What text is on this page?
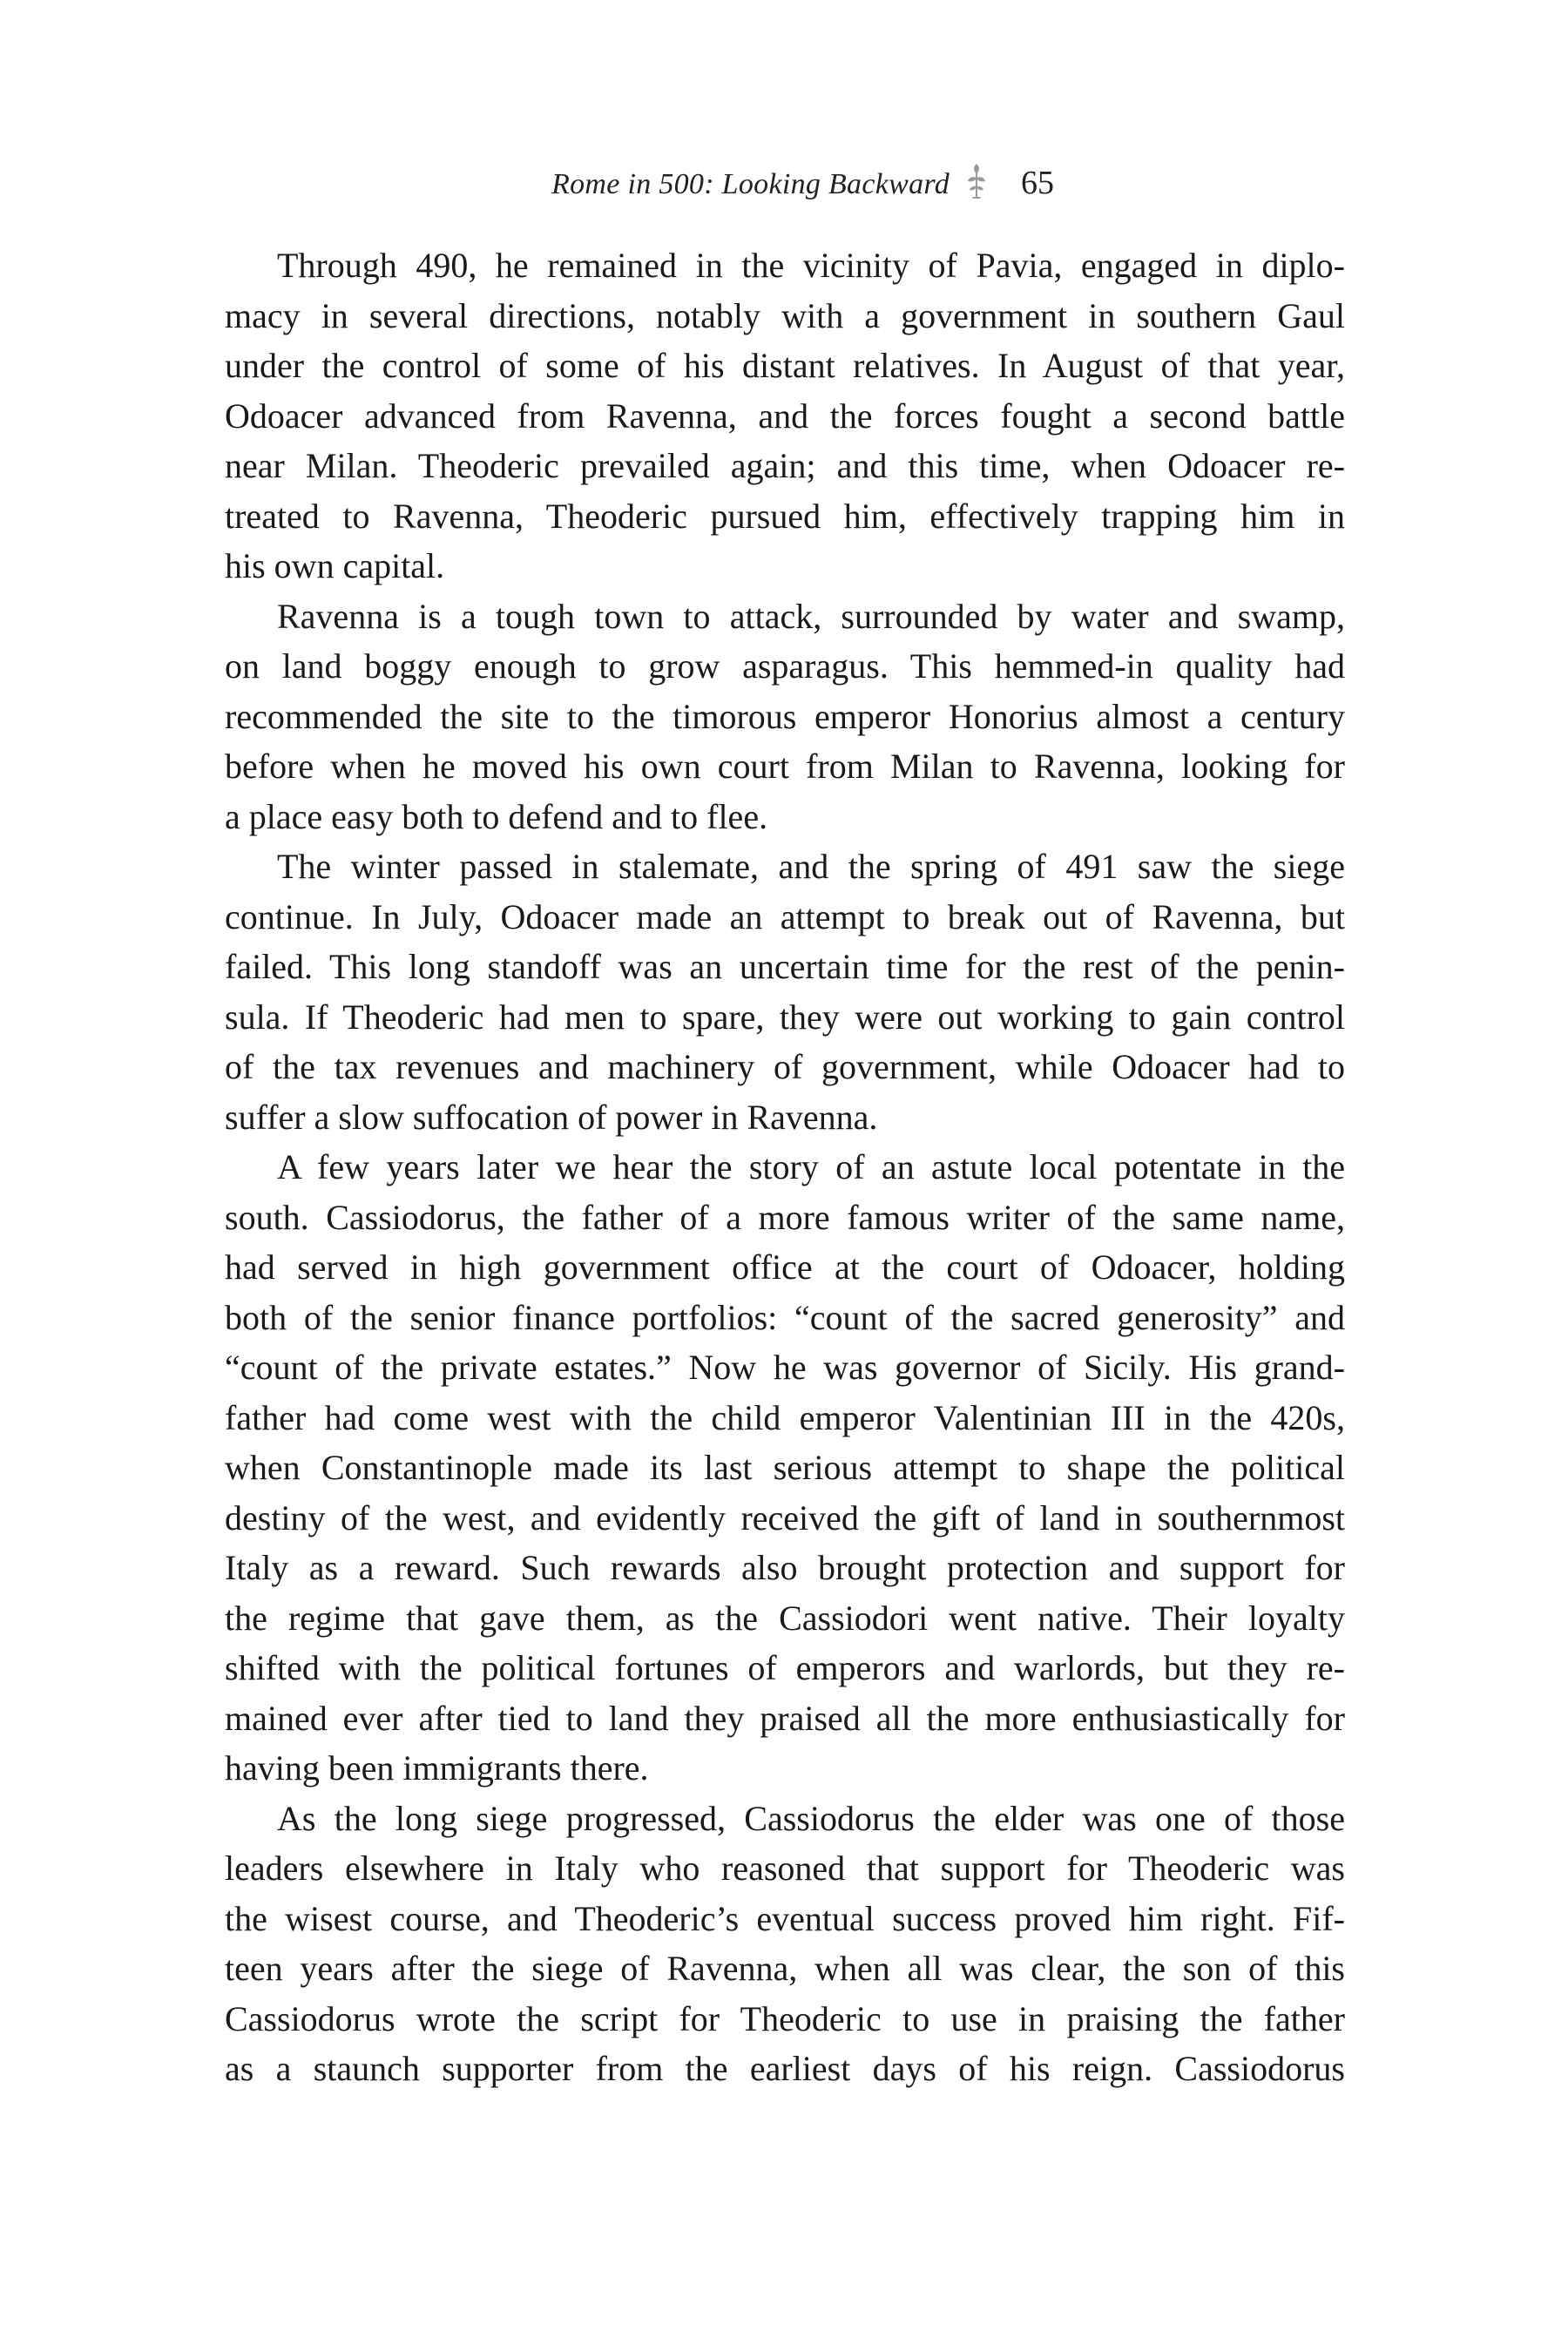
Rome in 500: Looking Backward 65
Through 490, he remained in the vicinity of Pavia, engaged in diplo-
macy in several directions, notably with a government in southern Gaul
under the control of some of his distant relatives. In August of that year,
Odoacer advanced from Ravenna, and the forces fought a second battle
near Milan. Theoderic prevailed again; and this time, when Odoacer re-
treated to Ravenna, Theoderic pursued him, effectively trapping him in
his own capital.
Ravenna is a tough town to attack, surrounded by water and swamp,
on land boggy enough to grow asparagus. This hemmed-in quality had
recommended the site to the timorous emperor Honorius almost a century
before when he moved his own court from Milan to Ravenna, looking for
a place easy both to defend and to flee.
The winter passed in stalemate, and the spring of 491 saw the siege
continue. In July, Odoacer made an attempt to break out of Ravenna, but
failed. This long standoff was an uncertain time for the rest of the penin-
sula. If Theoderic had men to spare, they were out working to gain control
of the tax revenues and machinery of government, while Odoacer had to
suffer a slow suffocation of power in Ravenna.
A few years later we hear the story of an astute local potentate in the
south. Cassiodorus, the father of a more famous writer of the same name,
had served in high government office at the court of Odoacer, holding
both of the senior finance portfolios: “count of the sacred generosity” and
“count of the private estates.” Now he was governor of Sicily. His grand-
father had come west with the child emperor Valentinian III in the 420s,
when Constantinople made its last serious attempt to shape the political
destiny of the west, and evidently received the gift of land in southernmost
Italy as a reward. Such rewards also brought protection and support for
the regime that gave them, as the Cassiodori went native. Their loyalty
shifted with the political fortunes of emperors and warlords, but they re-
mained ever after tied to land they praised all the more enthusiastically for
having been immigrants there.
As the long siege progressed, Cassiodorus the elder was one of those
leaders elsewhere in Italy who reasoned that support for Theoderic was
the wisest course, and Theoderic’s eventual success proved him right. Fif-
teen years after the siege of Ravenna, when all was clear, the son of this
Cassiodorus wrote the script for Theoderic to use in praising the father
as a staunch supporter from the earliest days of his reign. Cassiodorus
